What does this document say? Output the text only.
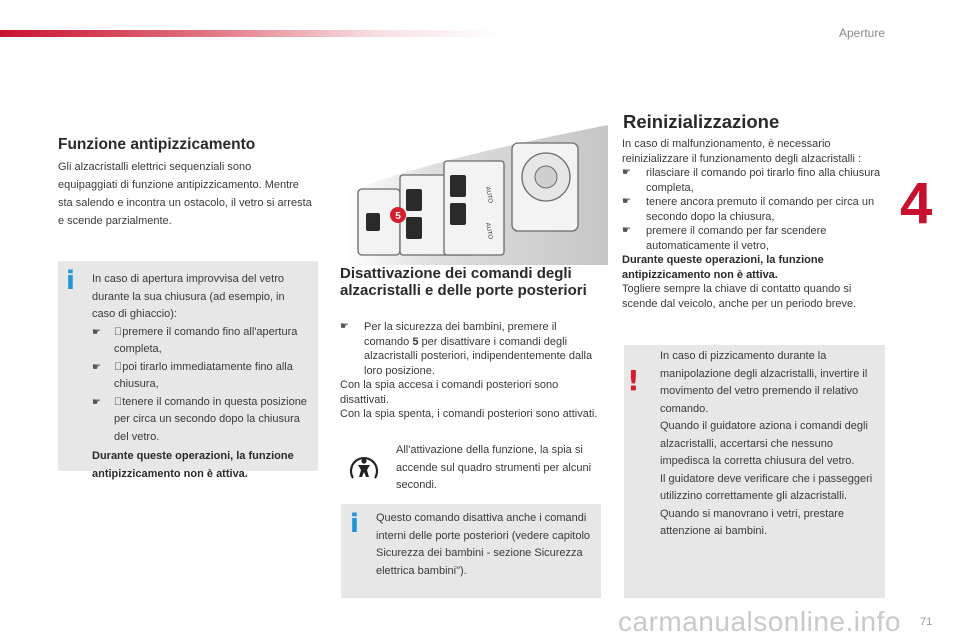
Aperture
4
71
Funzione antipizzicamento

Gli alzacristalli elettrici sequenziali sono equipaggiati di funzione antipizzicamento. Mentre sta salendo e incontra un ostacolo, il vetro si arresta e scende parzialmente.

In caso di apertura improvvisa del vetro durante la sua chiusura (ad esempio, in caso di ghiaccio):
☛ premere il comando fino all'apertura completa,
☛ poi tirarlo immediatamente fino alla chiusura,
☛ tenere il comando in questa posizione per circa un secondo dopo la chiusura del vetro.
Durante queste operazioni, la funzione antipizzicamento non è attiva.
i
AUTO
AUTO
5
Disattivazione dei comandi degli alzacristalli e delle porte posteriori
☛ Per la sicurezza dei bambini, premere il comando 5 per disattivare i comandi degli alzacristalli posteriori, indipendentemente dalla loro posizione.
Con la spia accesa i comandi posteriori sono disattivati.
Con la spia spenta, i comandi posteriori sono attivati.

All'attivazione della funzione, la spia si accende sul quadro strumenti per alcuni secondi.

Questo comando disattiva anche i comandi interni delle porte posteriori (vedere capitolo Sicurezza dei bambini - sezione Sicurezza elettrica bambini").
i
Reinizializzazione
In caso di malfunzionamento, è necessario reinizializzare il funzionamento degli alzacristalli :
☛ rilasciare il comando poi tirarlo fino alla chiusura completa,
☛ tenere ancora premuto il comando per circa un secondo dopo la chiusura,
☛ premere il comando per far scendere automaticamente il vetro,
Durante queste operazioni, la funzione antipizzicamento non è attiva.
Togliere sempre la chiave di contatto quando si scende dal veicolo, anche per un periodo breve.
In caso di pizzicamento durante la manipolazione degli alzacristalli, invertire il movimento del vetro premendo il relativo comando.
Quando il guidatore aziona i comandi degli alzacristalli, accertarsi che nessuno impedisca la corretta chiusura del vetro.
Il guidatore deve verificare che i passeggeri utilizzino correttamente gli alzacristalli.
Quando si manovrano i vetri, prestare attenzione ai bambini.
!
carmanualsonline.info
